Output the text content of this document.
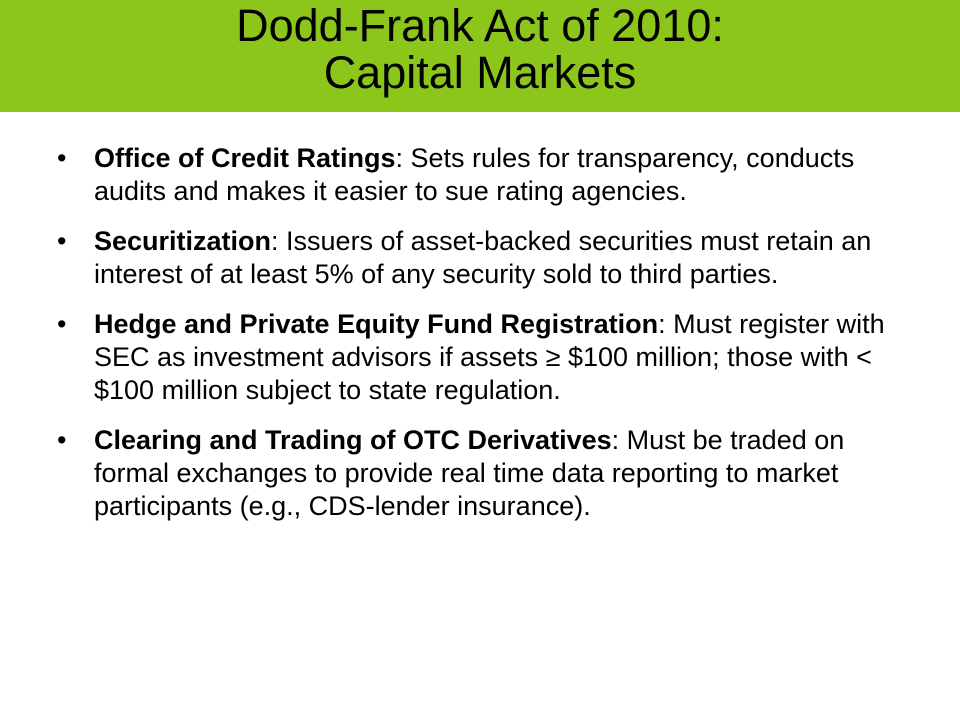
Dodd-Frank Act of 2010:
Capital Markets
• Office of Credit Ratings: Sets rules for transparency, conducts audits and makes it easier to sue rating agencies.
• Securitization: Issuers of asset-backed securities must retain an interest of at least 5% of any security sold to third parties.
• Hedge and Private Equity Fund Registration: Must register with SEC as investment advisors if assets ≥ $100 million; those with < $100 million subject to state regulation.
• Clearing and Trading of OTC Derivatives: Must be traded on formal exchanges to provide real time data reporting to market participants (e.g., CDS-lender insurance).
